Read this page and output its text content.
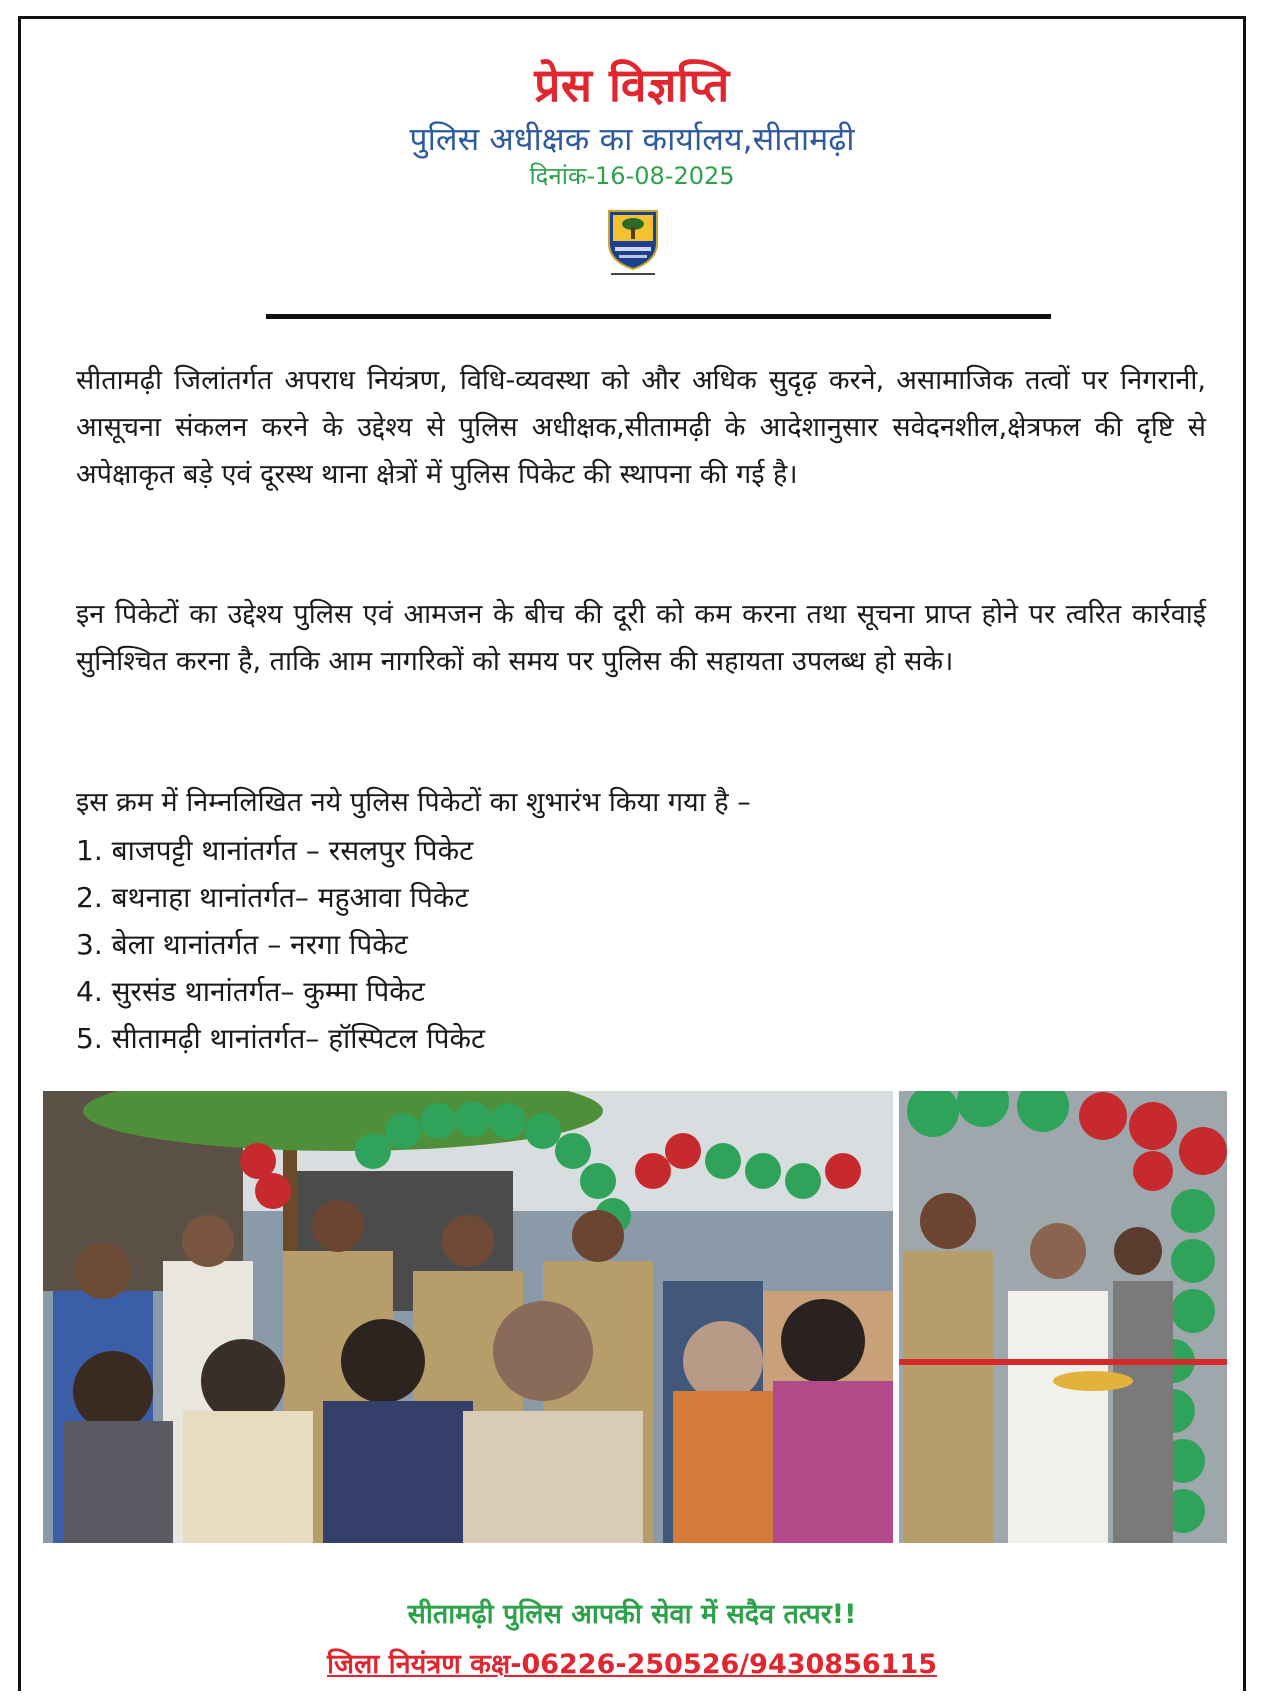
प्रेस विज्ञप्ति
पुलिस अधीक्षक का कार्यालय,सीतामढ़ी
दिनांक-16-08-2025
सीतामढ़ी जिलांतर्गत अपराध नियंत्रण, विधि-व्यवस्था को और अधिक सुदृढ़ करने, असामाजिक तत्वों पर निगरानी, आसूचना संकलन करने के उद्देश्य से पुलिस अधीक्षक,सीतामढ़ी के आदेशानुसार सवेदनशील,क्षेत्रफल की दृष्टि से अपेक्षाकृत बड़े एवं दूरस्थ थाना क्षेत्रों में पुलिस पिकेट की स्थापना की गई है।
इन पिकेटों का उद्देश्य पुलिस एवं आमजन के बीच की दूरी को कम करना तथा सूचना प्राप्त होने पर त्वरित कार्रवाई सुनिश्चित करना है, ताकि आम नागरिकों को समय पर पुलिस की सहायता उपलब्ध हो सके।
इस क्रम में निम्नलिखित नये पुलिस पिकेटों का शुभारंभ किया गया है –
1. बाजपट्टी थानांतर्गत – रसलपुर पिकेट
2. बथनाहा थानांतर्गत– महुआवा पिकेट
3. बेला थानांतर्गत – नरगा पिकेट
4. सुरसंड थानांतर्गत– कुम्मा पिकेट
5. सीतामढ़ी थानांतर्गत– हॉस्पिटल पिकेट
सीतामढ़ी पुलिस आपकी सेवा में सदैव तत्पर!!
जिला नियंत्रण कक्ष-06226-250526/9430856115
